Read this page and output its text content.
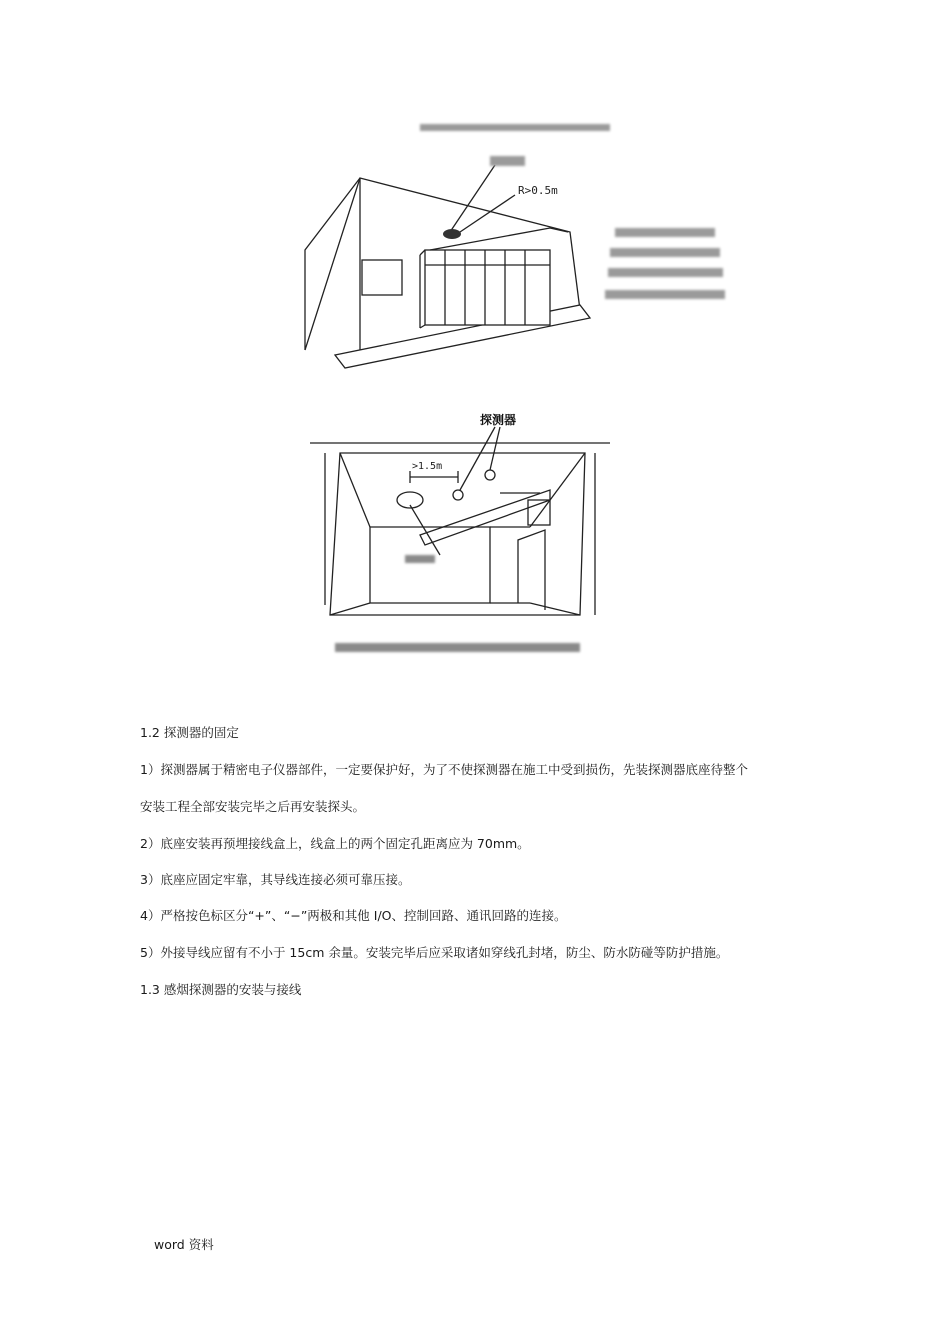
R>0.5m
探测器
>1.5m
1.2 探测器的固定
1）探测器属于精密电子仪器部件，一定要保护好，为了不使探测器在施工中受到损伤，先装探测器底座待整个
安装工程全部安装完毕之后再安装探头。
2）底座安装再预埋接线盒上，线盒上的两个固定孔距离应为 70mm。
3）底座应固定牢靠，其导线连接必须可靠压接。
4）严格按色标区分“+”、“−”两极和其他 I/O、控制回路、通讯回路的连接。
5）外接导线应留有不小于 15cm 余量。安装完毕后应采取诸如穿线孔封堵，防尘、防水防碰等防护措施。
1.3 感烟探测器的安装与接线
word 资料
